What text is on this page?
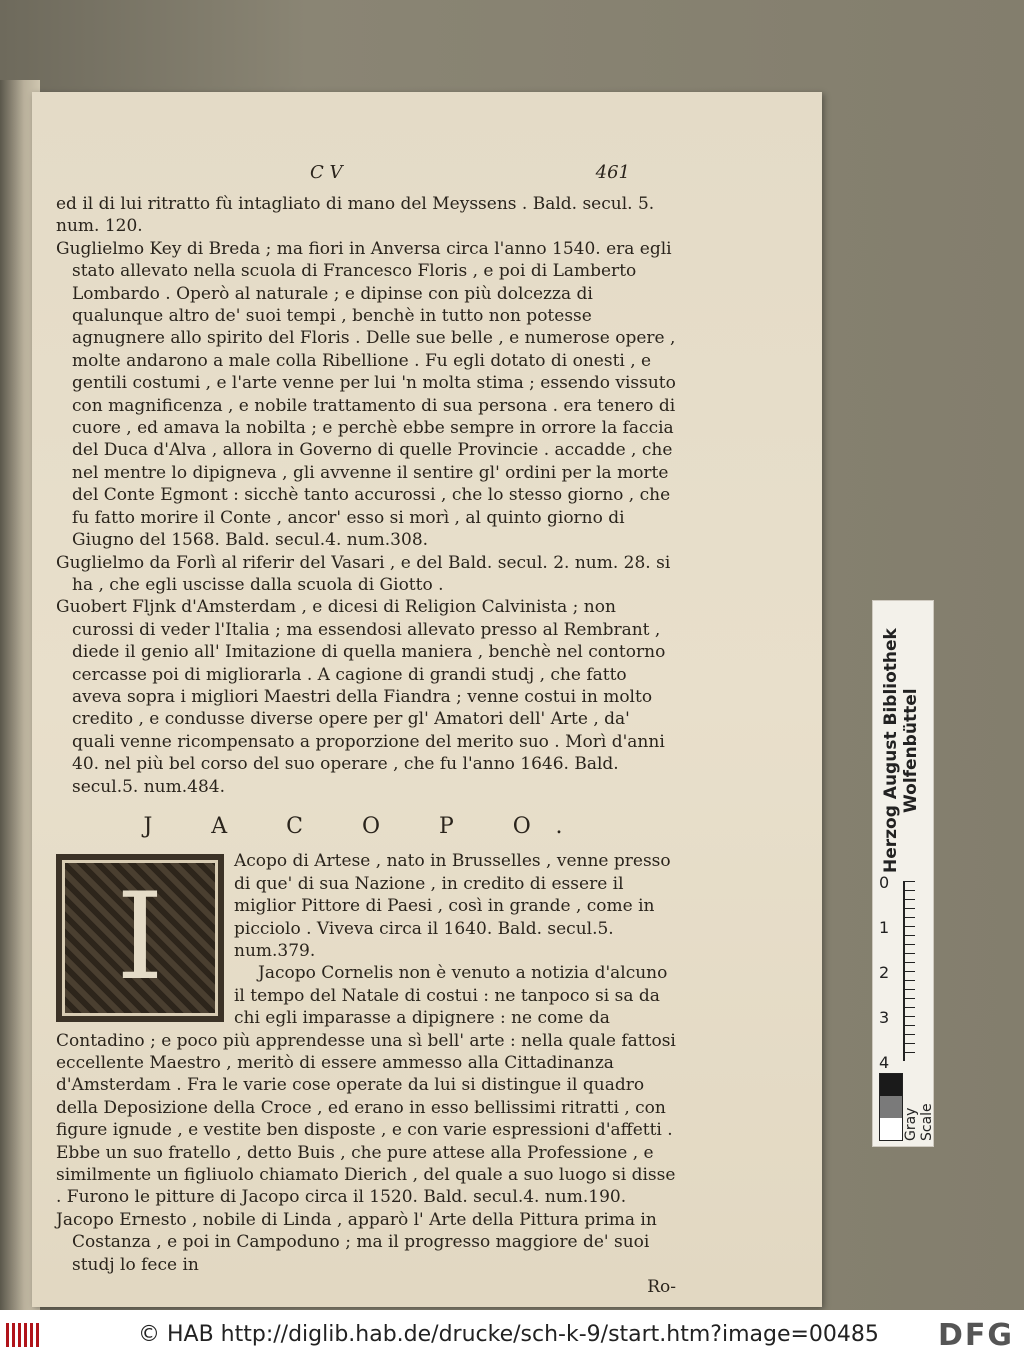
C V	461

ed il di lui ritratto fù intagliato di mano del Meyssens . Bald. secul. 5. num. 120.

Guglielmo Key di Breda ; ma fiori in Anversa circa l'anno 1540. era egli stato allevato nella scuola di Francesco Floris , e poi di Lamberto Lombardo . Operò al naturale ; e dipinse con più dolcezza di qualunque altro de' suoi tempi , benchè in tutto non potesse agnugnere allo spirito del Floris . Delle sue belle , e numerose opere , molte andarono a male colla Ribellione . Fu egli dotato di onesti , e gentili costumi , e l'arte venne per lui 'n molta stima ; essendo vissuto con magnificenza , e nobile trattamento di sua persona . era tenero di cuore , ed amava la nobilta ; e perchè ebbe sempre in orrore la faccia del Duca d'Alva , allora in Governo di quelle Provincie . accadde , che nel mentre lo dipigneva , gli avvenne il sentire gl' ordini per la morte del Conte Egmont : sicchè tanto accurossi , che lo stesso giorno , che fu fatto morire il Conte , ancor' esso si morì , al quinto giorno di Giugno del 1568. Bald. secul.4. num.308.

Guglielmo da Forlì al riferir del Vasari , e del Bald. secul. 2. num. 28. si ha , che egli uscisse dalla scuola di Giotto .

Guobert Fljnk d'Amsterdam , e dicesi di Religion Calvinista ; non curossi di veder l'Italia ; ma essendosi allevato presso al Rembrant , diede il genio all' Imitazione di quella maniera , benchè nel contorno cercasse poi di migliorarla . A cagione di grandi studj , che fatto aveva sopra i migliori Maestri della Fiandra ; venne costui in molto credito , e condusse diverse opere per gl' Amatori dell' Arte , da' quali venne ricompensato a proporzione del merito suo . Morì d'anni 40. nel più bel corso del suo operare , che fu l'anno 1646. Bald. secul.5. num.484.

J A C O P O.
I

Acopo di Artese , nato in Brusselles , venne presso di que' di sua Nazione , in credito di essere il miglior Pittore di Paesi , così in grande , come in picciolo . Viveva circa il 1640. Bald. secul.5. num.379.

Jacopo Cornelis non è venuto a notizia d'alcuno il tempo del Natale di costui : ne tanpoco si sa da chi egli imparasse a dipignere : ne come da Contadino ; e poco più apprendesse una sì bell' arte : nella quale fattosi eccellente Maestro , meritò di essere ammesso alla Cittadinanza d'Amsterdam . Fra le varie cose operate da lui si distingue il quadro della Deposizione della Croce , ed erano in esso bellissimi ritratti , con figure ignude , e vestite ben disposte , e con varie espressioni d'affetti . Ebbe un suo fratello , detto Buis , che pure attese alla Professione , e similmente un figliuolo chiamato Dierich , del quale a suo luogo si disse . Furono le pitture di Jacopo circa il 1520. Bald. secul.4. num.190.

Jacopo Ernesto , nobile di Linda , apparò l' Arte della Pittura prima in Costanza , e poi in Campoduno ; ma il progresso maggiore de' suoi studj lo fece in

Ro-
Herzog August Bibliothek Wolfenbüttel
0
1
2
3
4
Gray Scale
© HAB http://diglib.hab.de/drucke/sch-k-9/start.htm?image=00485 DFG
